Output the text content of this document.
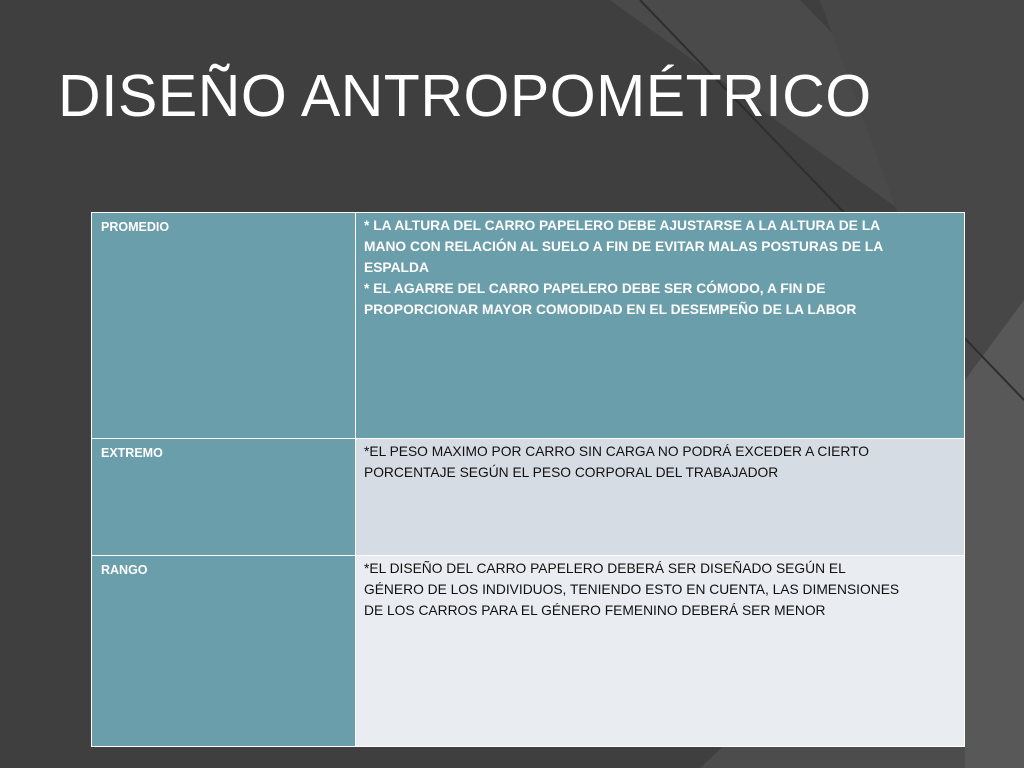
DISEÑO ANTROPOMÉTRICO
PROMEDIO	* LA ALTURA DEL CARRO PAPELERO DEBE AJUSTARSE A LA ALTURA DE LA
MANO CON RELACIÓN AL SUELO A FIN DE EVITAR MALAS POSTURAS DE LA
ESPALDA
* EL AGARRE DEL CARRO PAPELERO DEBE SER CÓMODO, A FIN DE
PROPORCIONAR MAYOR COMODIDAD EN EL DESEMPEÑO DE LA LABOR

EXTREMO	*EL PESO MAXIMO POR CARRO SIN CARGA NO PODRÁ EXCEDER A CIERTO
PORCENTAJE SEGÚN EL PESO CORPORAL DEL TRABAJADOR

RANGO	*EL DISEÑO DEL CARRO PAPELERO DEBERÁ SER DISEÑADO SEGÚN EL
GÉNERO DE LOS INDIVIDUOS, TENIENDO ESTO EN CUENTA, LAS DIMENSIONES
DE LOS CARROS PARA EL GÉNERO FEMENINO DEBERÁ SER MENOR
